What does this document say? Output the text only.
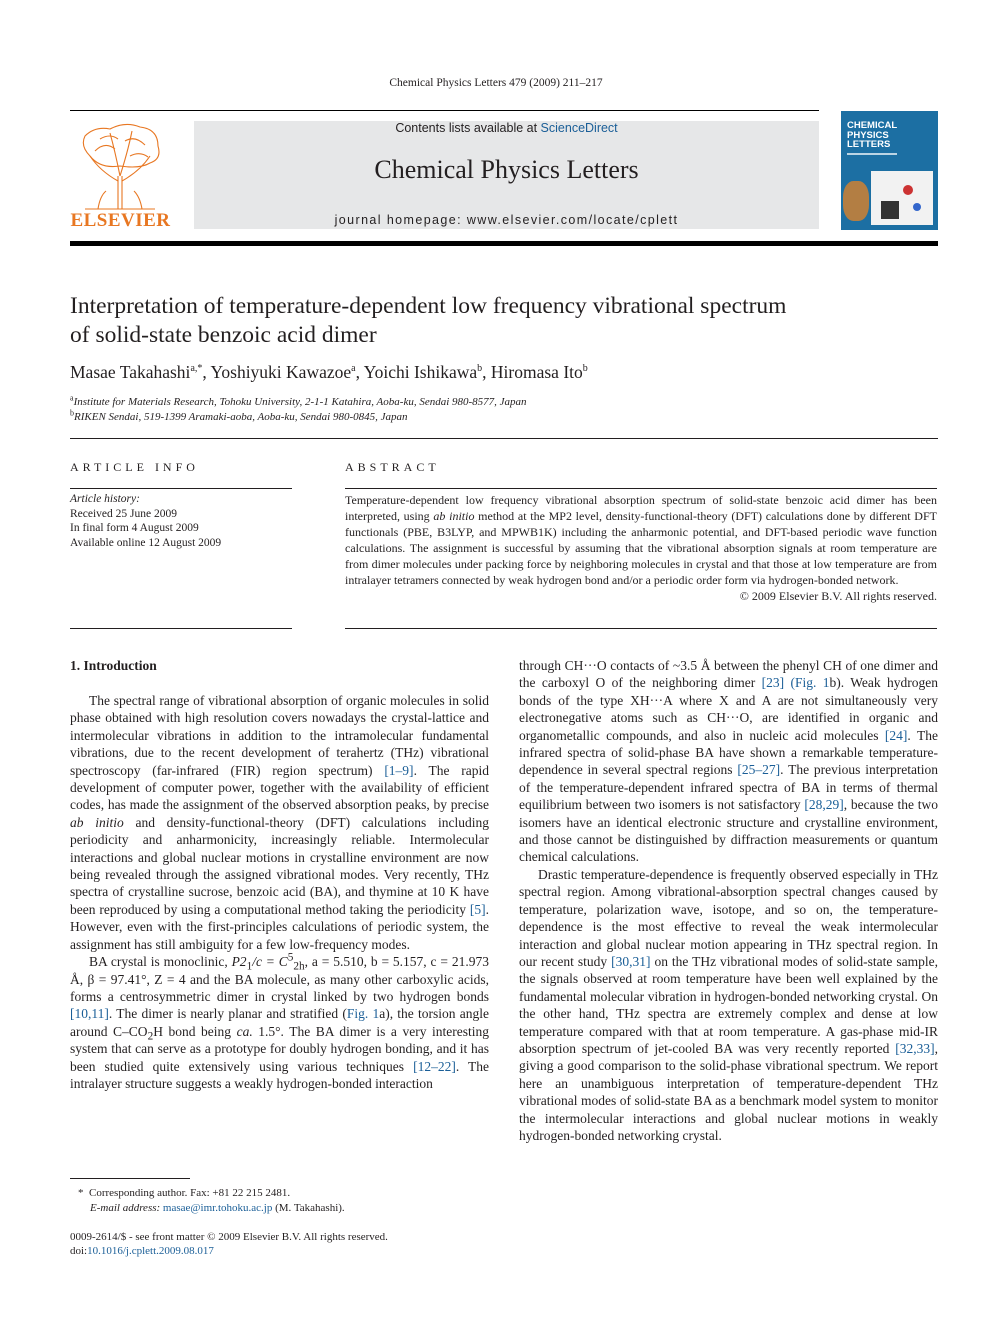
Chemical Physics Letters 479 (2009) 211–217
ELSEVIER
Contents lists available at ScienceDirect
Chemical Physics Letters
journal homepage: www.elsevier.com/locate/cplett
CHEMICAL
PHYSICS
LETTERS
Interpretation of temperature-dependent low frequency vibrational spectrum
of solid-state benzoic acid dimer
Masae Takahashi$^{a,*}$, Yoshiyuki Kawazoe$^a$, Yoichi Ishikawa$^b$, Hiromasa Ito$^b$
$^a$Institute for Materials Research, Tohoku University, 2-1-1 Katahira, Aoba-ku, Sendai 980-8577, Japan
$^b$RIKEN Sendai, 519-1399 Aramaki-aoba, Aoba-ku, Sendai 980-0845, Japan
ARTICLE INFO
Article history:
Received 25 June 2009
In final form 4 August 2009
Available online 12 August 2009
ABSTRACT
Temperature-dependent low frequency vibrational absorption spectrum of solid-state benzoic acid dimer has been interpreted, using ab initio method at the MP2 level, density-functional-theory (DFT) calculations done by different DFT functionals (PBE, B3LYP, and MPWB1K) including the anharmonic potential, and DFT-based periodic wave function calculations. The assignment is successful by assuming that the vibrational absorption signals at room temperature are from dimer molecules under packing force by neighboring molecules in crystal and that those at low temperature are from intralayer tetramers connected by weak hydrogen bond and/or a periodic order form via hydrogen-bonded network.
© 2009 Elsevier B.V. All rights reserved.
1. Introduction

The spectral range of vibrational absorption of organic molecules in solid phase obtained with high resolution covers nowadays the crystal-lattice and intermolecular vibrations in addition to the intramolecular fundamental vibrations, due to the recent development of terahertz (THz) vibrational spectroscopy (far-infrared (FIR) region spectrum) [1–9]. The rapid development of computer power, together with the availability of efficient codes, has made the assignment of the observed absorption peaks, by precise ab initio and density-functional-theory (DFT) calculations including periodicity and anharmonicity, increasingly reliable. Intermolecular interactions and global nuclear motions in crystalline environment are now being revealed through the assigned vibrational modes. Very recently, THz spectra of crystalline sucrose, benzoic acid (BA), and thymine at 10 K have been reproduced by using a computational method taking the periodicity [5]. However, even with the first-principles calculations of periodic system, the assignment has still ambiguity for a few low-frequency modes.

BA crystal is monoclinic, $P2_1/c = C^5_{2h}$, a = 5.510, b = 5.157, c = 21.973 Å, β = 97.41°, Z = 4 and the BA molecule, as many other carboxylic acids, forms a centrosymmetric dimer in crystal linked by two hydrogen bonds [10,11]. The dimer is nearly planar and stratified (Fig. 1a), the torsion angle around $C-CO_2H$ bond being ca. 1.5°. The BA dimer is a very interesting system that can serve as a prototype for doubly hydrogen bonding, and it has been studied quite extensively using various techniques [12–22]. The intralayer structure suggests a weakly hydrogen-bonded interaction

* Corresponding author. Fax: +81 22 215 2481.
E-mail address: masae@imr.tohoku.ac.jp (M. Takahashi).
0009-2614/$ - see front matter © 2009 Elsevier B.V. All rights reserved.
doi:10.1016/j.cplett.2009.08.017

through CH···O contacts of ~3.5 Å between the phenyl CH of one dimer and the carboxyl O of the neighboring dimer [23] (Fig. 1b). Weak hydrogen bonds of the type XH···A where X and A are not simultaneously very electronegative atoms such as CH···O, are identified in organic and organometallic compounds, and also in nucleic acid molecules [24]. The infrared spectra of solid-phase BA have shown a remarkable temperature-dependence in several spectral regions [25–27]. The previous interpretation of the temperature-dependent infrared spectra of BA in terms of thermal equilibrium between two isomers is not satisfactory [28,29], because the two isomers have an identical electronic structure and crystalline environment, and those cannot be distinguished by diffraction measurements or quantum chemical calculations.

Drastic temperature-dependence is frequently observed especially in THz spectral region. Among vibrational-absorption spectral changes caused by temperature, polarization wave, isotope, and so on, the temperature-dependence is the most effective to reveal the weak intermolecular interaction and global nuclear motion appearing in THz spectral region. In our recent study [30,31] on the THz vibrational modes of solid-state sample, the signals observed at room temperature have been well explained by the fundamental molecular vibration in hydrogen-bonded networking crystal. On the other hand, THz spectra are extremely complex and dense at low temperature compared with that at room temperature. A gas-phase mid-IR absorption spectrum of jet-cooled BA was very recently reported [32,33], giving a good comparison to the solid-phase vibrational spectrum. We report here an unambiguous interpretation of temperature-dependent THz vibrational modes of solid-state BA as a benchmark model system to monitor the intermolecular interactions and global nuclear motions in weakly hydrogen-bonded networking crystal.
